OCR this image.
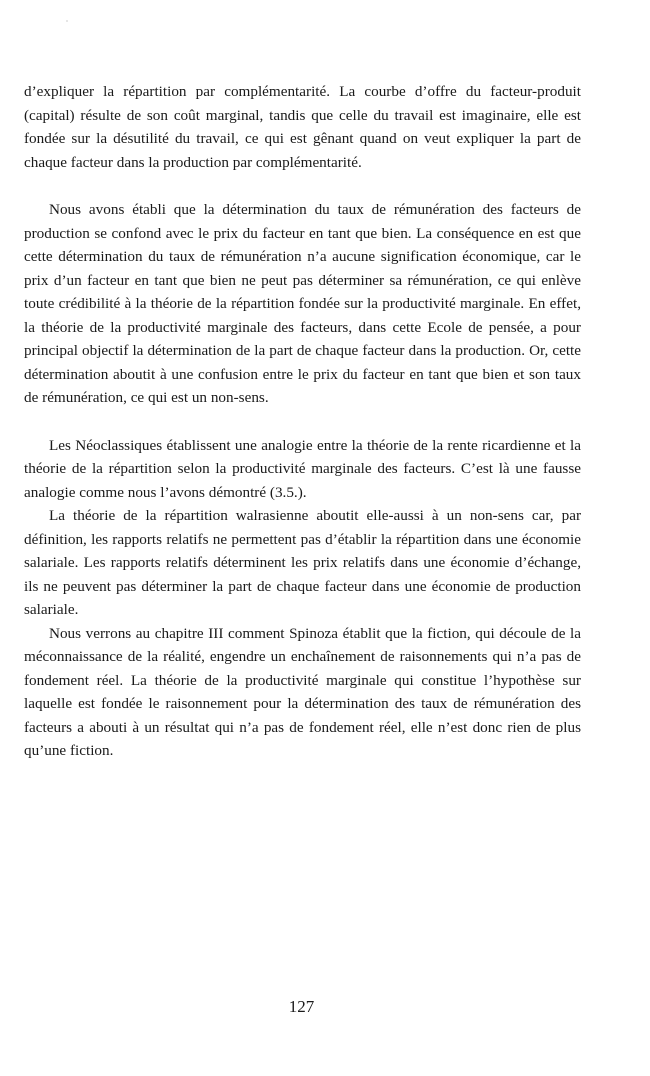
d’expliquer la répartition par complémentarité. La courbe d’offre du facteur-produit (capital) résulte de son coût marginal, tandis que celle du travail est imaginaire, elle est fondée sur la désutilité du travail, ce qui est gênant quand on veut expliquer la part de chaque facteur dans la production par complémentarité.

Nous avons établi que la détermination du taux de rémunération des facteurs de production se confond avec le prix du facteur en tant que bien. La conséquence en est que cette détermination du taux de rémunération n’a aucune signification économique, car le prix d’un facteur en tant que bien ne peut pas déterminer sa rémunération, ce qui enlève toute crédibilité à la théorie de la répartition fondée sur la productivité marginale. En effet, la théorie de la productivité marginale des facteurs, dans cette Ecole de pensée, a pour principal objectif la détermination de la part de chaque facteur dans la production. Or, cette détermination aboutit à une confusion entre le prix du facteur en tant que bien et son taux de rémunération, ce qui est un non-sens.

Les Néoclassiques établissent une analogie entre la théorie de la rente ricardienne et la théorie de la répartition selon la productivité marginale des facteurs. C’est là une fausse analogie comme nous l’avons démontré (3.5.).

La théorie de la répartition walrasienne aboutit elle-aussi à un non-sens car, par définition, les rapports relatifs ne permettent pas d’établir la répartition dans une économie salariale. Les rapports relatifs déterminent les prix relatifs dans une économie d’échange, ils ne peuvent pas déterminer la part de chaque facteur dans une économie de production salariale.

Nous verrons au chapitre III comment Spinoza établit que la fiction, qui découle de la méconnaissance de la réalité, engendre un enchaînement de raisonnements qui n’a pas de fondement réel. La théorie de la productivité marginale qui constitue l’hypothèse sur laquelle est fondée le raisonnement pour la détermination des taux de rémunération des facteurs a abouti à un résultat qui n’a pas de fondement réel, elle n’est donc rien de plus qu’une fiction.

127
